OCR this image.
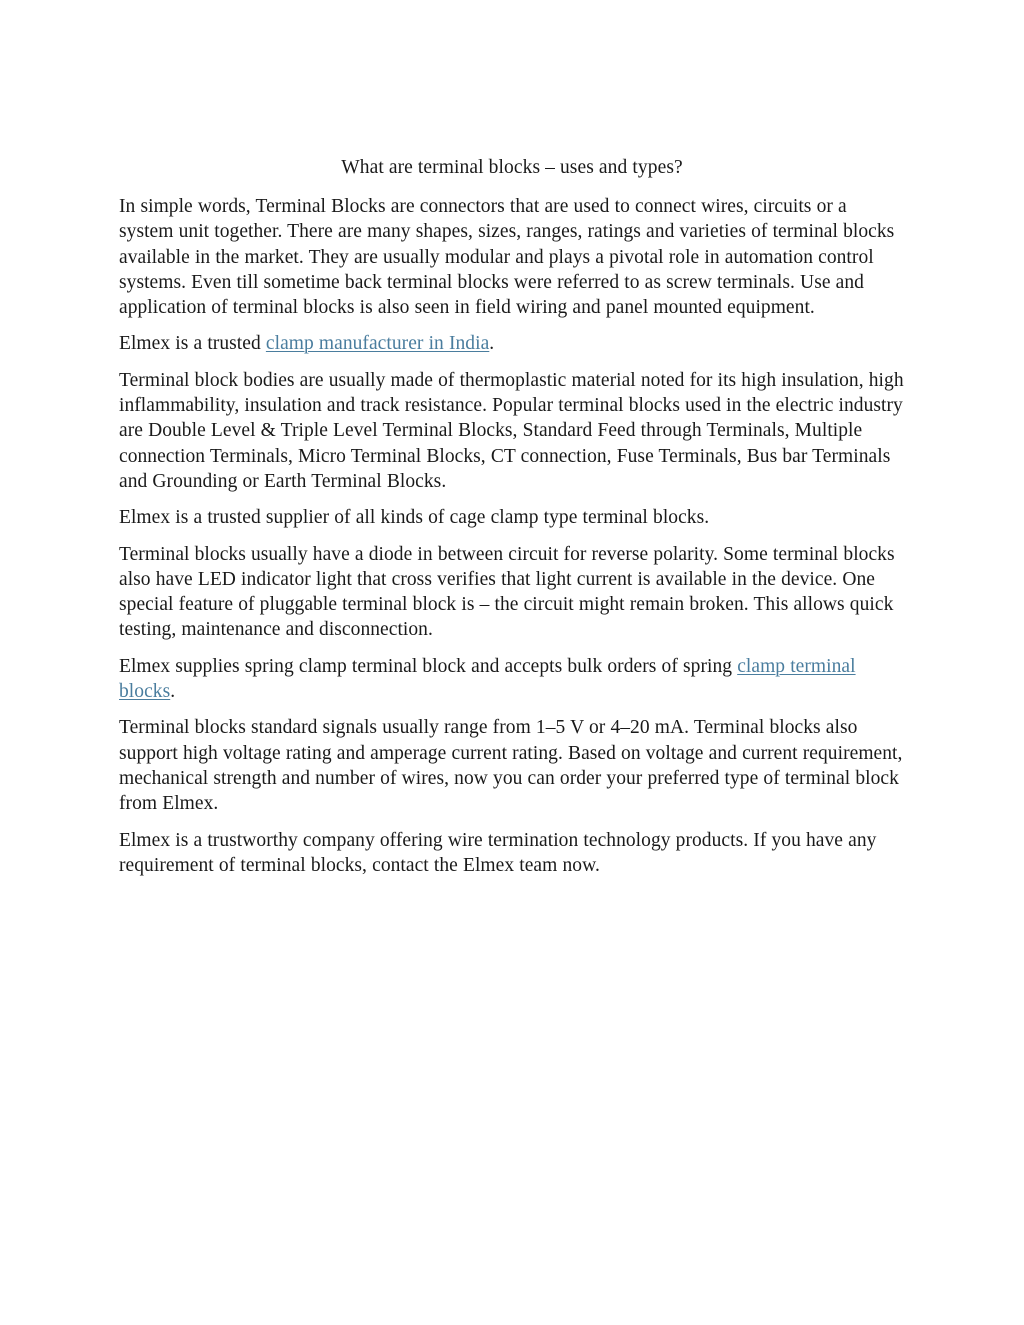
What are terminal blocks – uses and types?

In simple words, Terminal Blocks are connectors that are used to connect wires, circuits or a system unit together. There are many shapes, sizes, ranges, ratings and varieties of terminal blocks available in the market. They are usually modular and plays a pivotal role in automation control systems. Even till sometime back terminal blocks were referred to as screw terminals. Use and application of terminal blocks is also seen in field wiring and panel mounted equipment.

Elmex is a trusted clamp manufacturer in India.

Terminal block bodies are usually made of thermoplastic material noted for its high insulation, high inflammability, insulation and track resistance. Popular terminal blocks used in the electric industry are Double Level & Triple Level Terminal Blocks, Standard Feed through Terminals, Multiple connection Terminals, Micro Terminal Blocks, CT connection, Fuse Terminals, Bus bar Terminals and Grounding or Earth Terminal Blocks.

Elmex is a trusted supplier of all kinds of cage clamp type terminal blocks.

Terminal blocks usually have a diode in between circuit for reverse polarity. Some terminal blocks also have LED indicator light that cross verifies that light current is available in the device. One special feature of pluggable terminal block is – the circuit might remain broken. This allows quick testing, maintenance and disconnection.

Elmex supplies spring clamp terminal block and accepts bulk orders of spring clamp terminal blocks.

Terminal blocks standard signals usually range from 1–5 V or 4–20 mA. Terminal blocks also support high voltage rating and amperage current rating. Based on voltage and current requirement, mechanical strength and number of wires, now you can order your preferred type of terminal block from Elmex.

Elmex is a trustworthy company offering wire termination technology products. If you have any requirement of terminal blocks, contact the Elmex team now.
